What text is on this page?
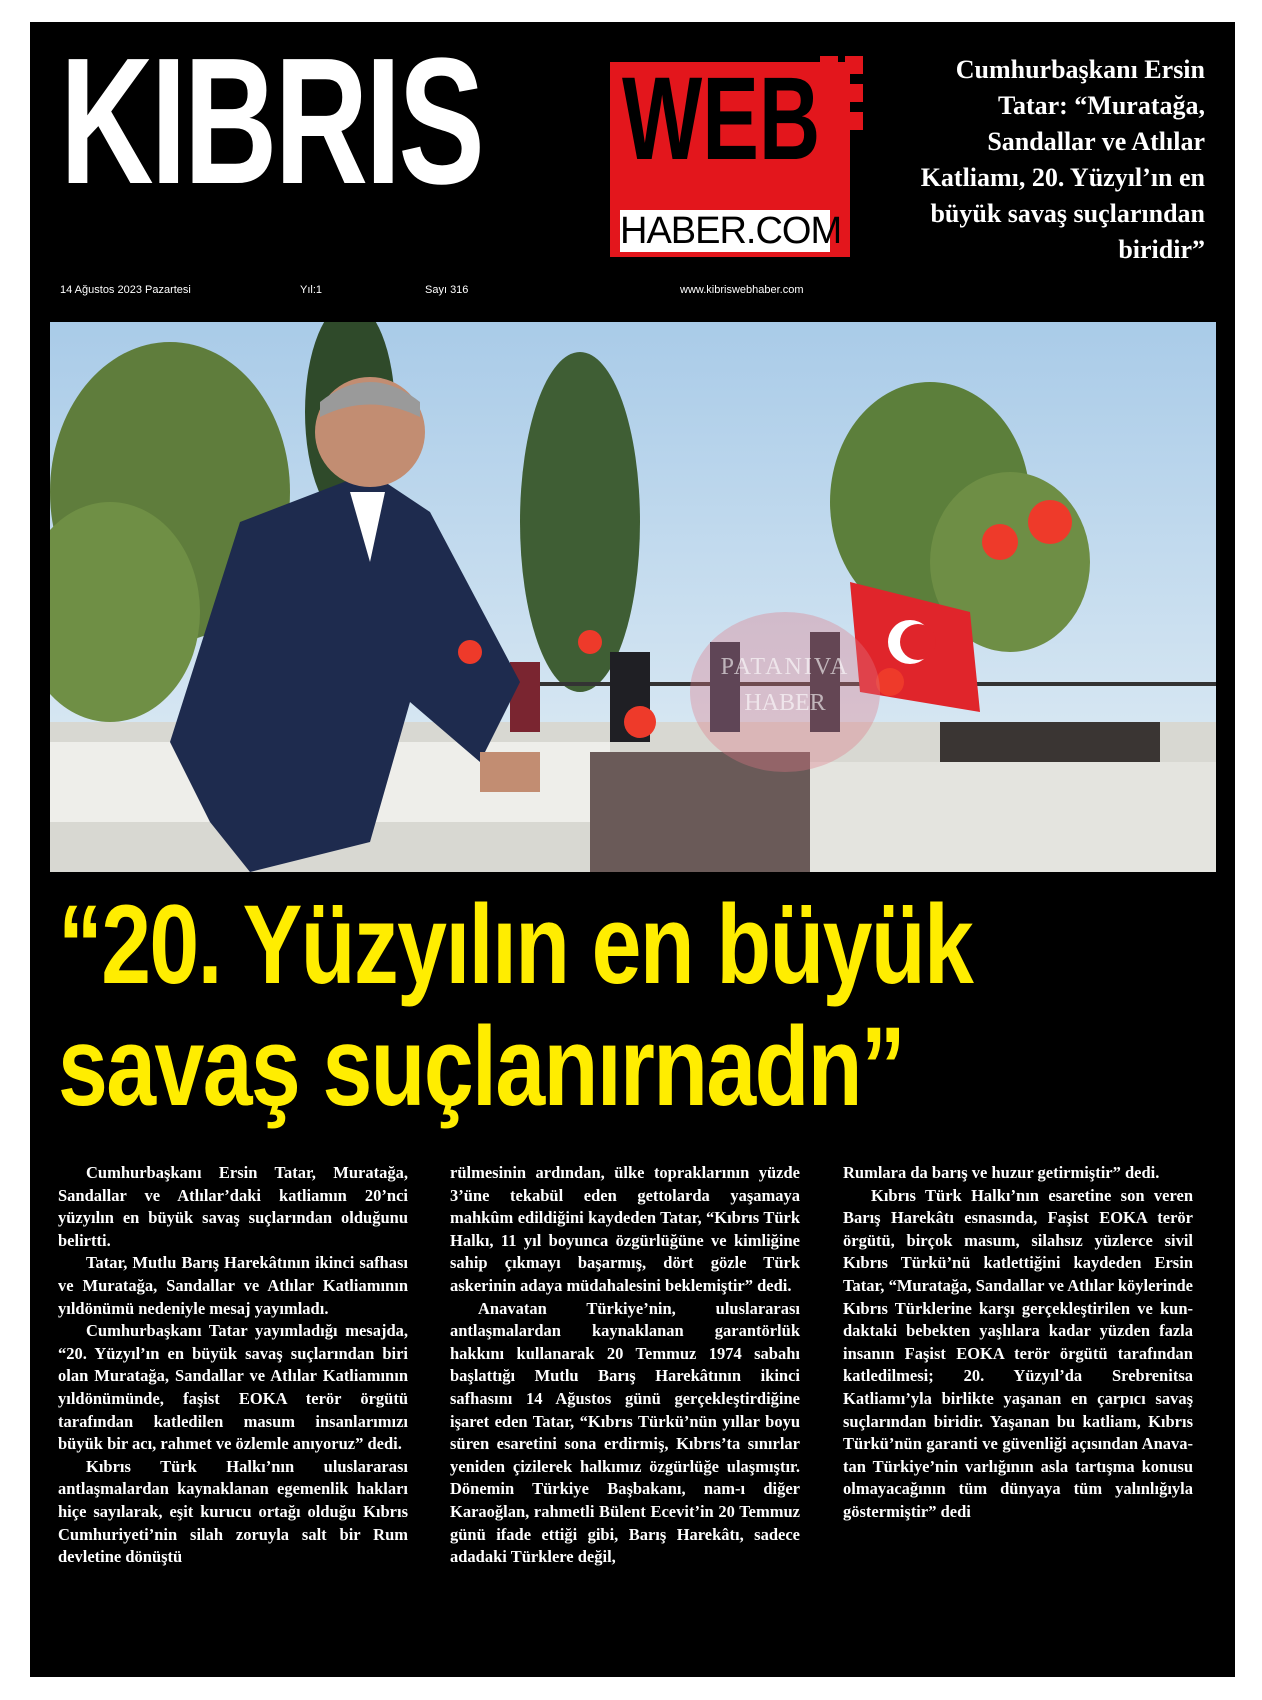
KIBRIS WEB
HABER.COM
14 Ağustos 2023 Pazartesi	Yıl:1	Sayı 316	www.kibriswebhaber.com
Cumhurbaşkanı Ersin Tatar: “Muratağa, Sandallar ve Atlılar Katliamı, 20. Yüzyıl’ın en büyük savaş suçlarından biridir”
PATANIVA
HABER
“20. Yüzyılın en büyük
savaş suçlanırnadn”

Cumhurbaşkanı Ersin Tatar, Muratağa, Sandallar ve Atlılar’daki katliamın 20’nci yüzyılın en büyük savaş suçlarından olduğunu belirtti.

Tatar, Mutlu Barış Harekâtının ikinci safhası ve Muratağa, Sandallar ve Atlılar Katliamının yıldönümü nedeniyle mesaj yayımladı.

Cumhurbaşkanı Tatar yayımladığı mesajda, “20. Yüzyıl’ın en büyük savaş suçlarından biri olan Muratağa, Sandallar ve Atlılar Katliamının yıldönümünde, faşist EOKA terör örgütü tarafından katledilen masum insanlarımızı büyük bir acı, rahmet ve özlemle anıyoruz” dedi.

Kıbrıs Türk Halkı’nın uluslararası antlaşmalardan kaynaklanan egemenlik hakları hiçe sayılarak, eşit kurucu ortağı olduğu Kıbrıs Cumhuriyeti’nin silah zoruyla salt bir Rum devletine dönüştü

rülmesinin ardından, ülke topraklarının yüzde 3’üne tekabül eden gettolarda yaşamaya mahkûm edildiğini kaydeden Tatar, “Kıbrıs Türk Halkı, 11 yıl boyunca özgürlüğüne ve kimliğine sahip çıkmayı başarmış, dört gözle Türk askerinin adaya müdahalesini beklemiştir” dedi.

Anavatan Türkiye’nin, uluslararası antlaşmalardan kaynaklanan garantörlük hakkını kullanarak 20 Temmuz 1974 sabahı başlattığı Mutlu Barış Harekâtının ikinci safhasını 14 Ağustos günü gerçekleştirdiğine işaret eden Tatar, “Kıbrıs Türkü’nün yıllar boyu süren esaretini sona erdirmiş, Kıbrıs’ta sınırlar yeniden çizilerek halkımız özgürlüğe ulaşmıştır. Dönemin Türkiye Başbakanı, nam-ı diğer Karaoğlan, rahmetli Bülent Ecevit’in 20 Temmuz günü ifade ettiği gibi, Barış Harekâtı, sadece adadaki Türklere değil,

Rumlara da barış ve huzur getirmiştir” dedi.

Kıbrıs Türk Halkı’nın esaretine son veren Barış Harekâtı esnasında, Faşist EOKA terör örgütü, birçok masum, silahsız yüzlerce sivil Kıbrıs Türkü’nü katlettiğini kaydeden Ersin Tatar, “Muratağa, Sandallar ve Atlılar köylerinde Kıbrıs Türklerine karşı gerçekleştirilen ve kundaktaki bebekten yaşlılara kadar yüzden fazla insanın Faşist EOKA terör örgütü tarafından katledilmesi; 20. Yüzyıl’da Srebrenitsa Katliamı’yla birlikte yaşanan en çarpıcı savaş suçlarından biridir. Yaşanan bu katliam, Kıbrıs Türkü’nün garanti ve güvenliği açısından Anavatan Türkiye’nin varlığının asla tartışma konusu olmayacağının tüm dünyaya tüm yalınlığıyla göstermiştir” dedi
